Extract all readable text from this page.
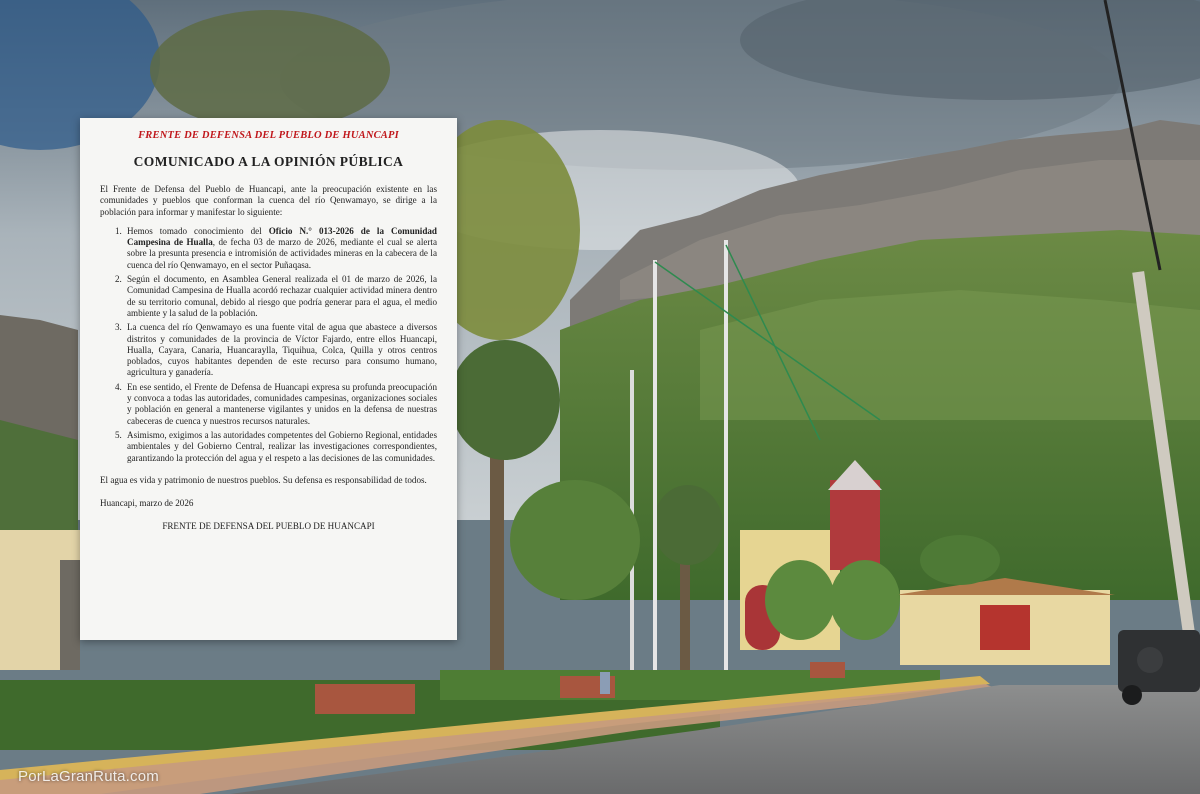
FRENTE DE DEFENSA DEL PUEBLO DE HUANCAPI
COMUNICADO A LA OPINIÓN PÚBLICA

El Frente de Defensa del Pueblo de Huancapi, ante la preocupación existente en las comunidades y pueblos que conforman la cuenca del río Qenwamayo, se dirige a la población para informar y manifestar lo siguiente:

1. Hemos tomado conocimiento del Oficio N.° 013-2026 de la Comunidad Campesina de Hualla, de fecha 03 de marzo de 2026, mediante el cual se alerta sobre la presunta presencia e intromisión de actividades mineras en la cabecera de la cuenca del río Qenwamayo, en el sector Puñaqasa.
2. Según el documento, en Asamblea General realizada el 01 de marzo de 2026, la Comunidad Campesina de Hualla acordó rechazar cualquier actividad minera dentro de su territorio comunal, debido al riesgo que podría generar para el agua, el medio ambiente y la salud de la población.
3. La cuenca del río Qenwamayo es una fuente vital de agua que abastece a diversos distritos y comunidades de la provincia de Víctor Fajardo, entre ellos Huancapi, Hualla, Cayara, Canaria, Huancaraylla, Tiquihua, Colca, Quilla y otros centros poblados, cuyos habitantes dependen de este recurso para consumo humano, agricultura y ganadería.
4. En ese sentido, el Frente de Defensa de Huancapi expresa su profunda preocupación y convoca a todas las autoridades, comunidades campesinas, organizaciones sociales y población en general a mantenerse vigilantes y unidos en la defensa de nuestras cabeceras de cuenca y nuestros recursos naturales.
5. Asimismo, exigimos a las autoridades competentes del Gobierno Regional, entidades ambientales y del Gobierno Central, realizar las investigaciones correspondientes, garantizando la protección del agua y el respeto a las decisiones de las comunidades.

El agua es vida y patrimonio de nuestros pueblos. Su defensa es responsabilidad de todos.

Huancapi, marzo de 2026
FRENTE DE DEFENSA DEL PUEBLO DE HUANCAPI
PorLaGranRuta.com
